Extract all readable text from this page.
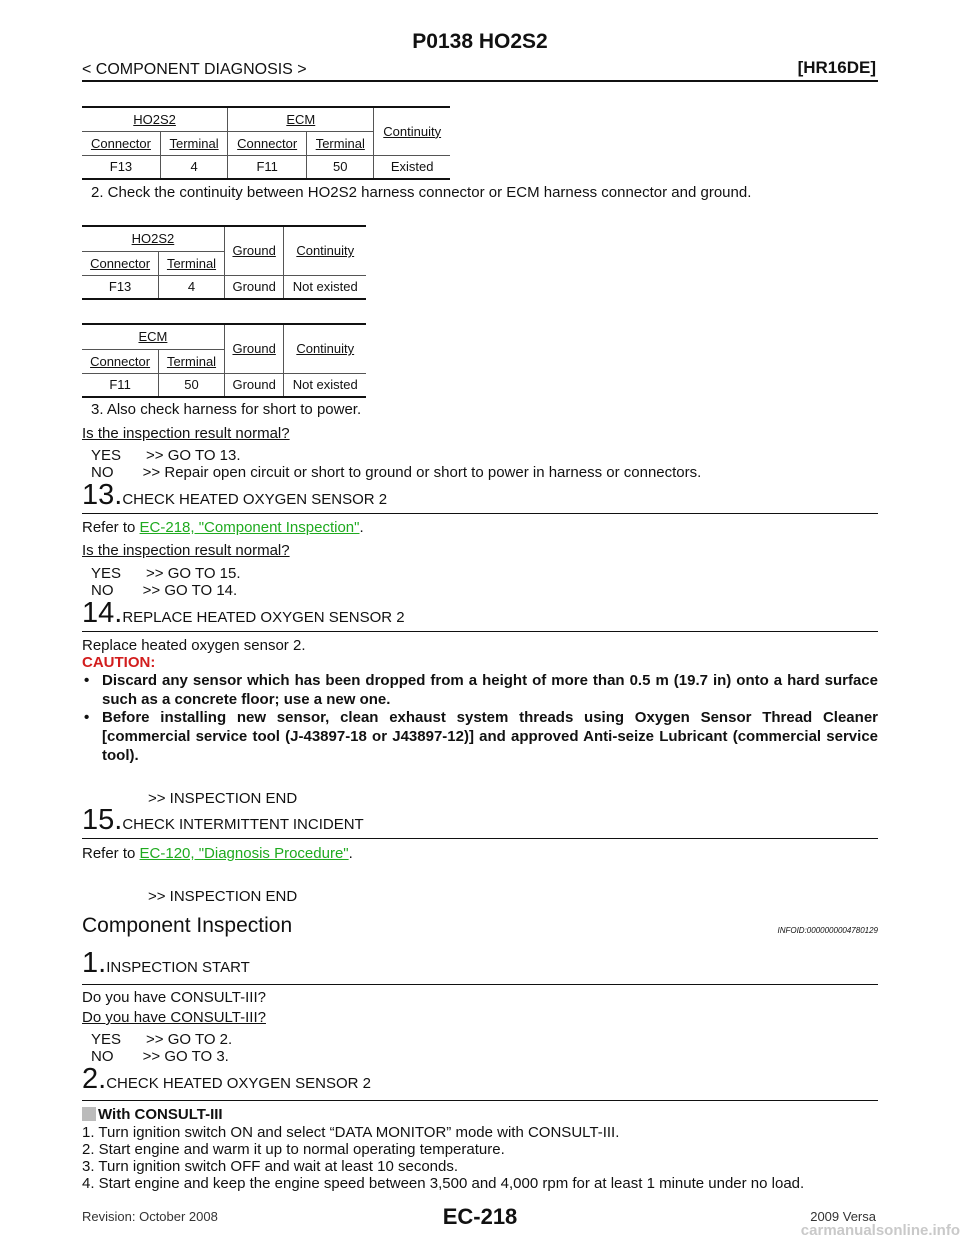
P0138 HO2S2
< COMPONENT DIAGNOSIS >	[HR16DE]
HO2S2		ECM		Continuity
Connector	Terminal	Connector	Terminal	
F13	4	F11	50	Existed
2. Check the continuity between HO2S2 harness connector or ECM harness connector and ground.
HO2S2		Ground	Continuity
Connector	Terminal		
F13	4	Ground	Not existed
ECM		Ground	Continuity
Connector	Terminal		
F11	50	Ground	Not existed
3. Also check harness for short to power.
Is the inspection result normal?
YES      >> GO TO 13.
NO       >> Repair open circuit or short to ground or short to power in harness or connectors.
13.CHECK HEATED OXYGEN SENSOR 2
Refer to EC-218, "Component Inspection".
Is the inspection result normal?
YES      >> GO TO 15.
NO       >> GO TO 14.
14.REPLACE HEATED OXYGEN SENSOR 2
Replace heated oxygen sensor 2.
CAUTION:
• Discard any sensor which has been dropped from a height of more than 0.5 m (19.7 in) onto a hard surface such as a concrete floor; use a new one.
• Before installing new sensor, clean exhaust system threads using Oxygen Sensor Thread Cleaner [commercial service tool (J-43897-18 or J43897-12)] and approved Anti-seize Lubricant (commercial service tool).
>> INSPECTION END
15.CHECK INTERMITTENT INCIDENT
Refer to EC-120, "Diagnosis Procedure".
>> INSPECTION END
Component Inspection	INFOID:0000000004780129
1.INSPECTION START
Do you have CONSULT-III?
Do you have CONSULT-III?
YES      >> GO TO 2.
NO       >> GO TO 3.
2.CHECK HEATED OXYGEN SENSOR 2
With CONSULT-III
1. Turn ignition switch ON and select “DATA MONITOR” mode with CONSULT-III.
2. Start engine and warm it up to normal operating temperature.
3. Turn ignition switch OFF and wait at least 10 seconds.
4. Start engine and keep the engine speed between 3,500 and 4,000 rpm for at least 1 minute under no load.
Revision: October 2008	EC-218	2009 Versa
carmanualsonline.info
